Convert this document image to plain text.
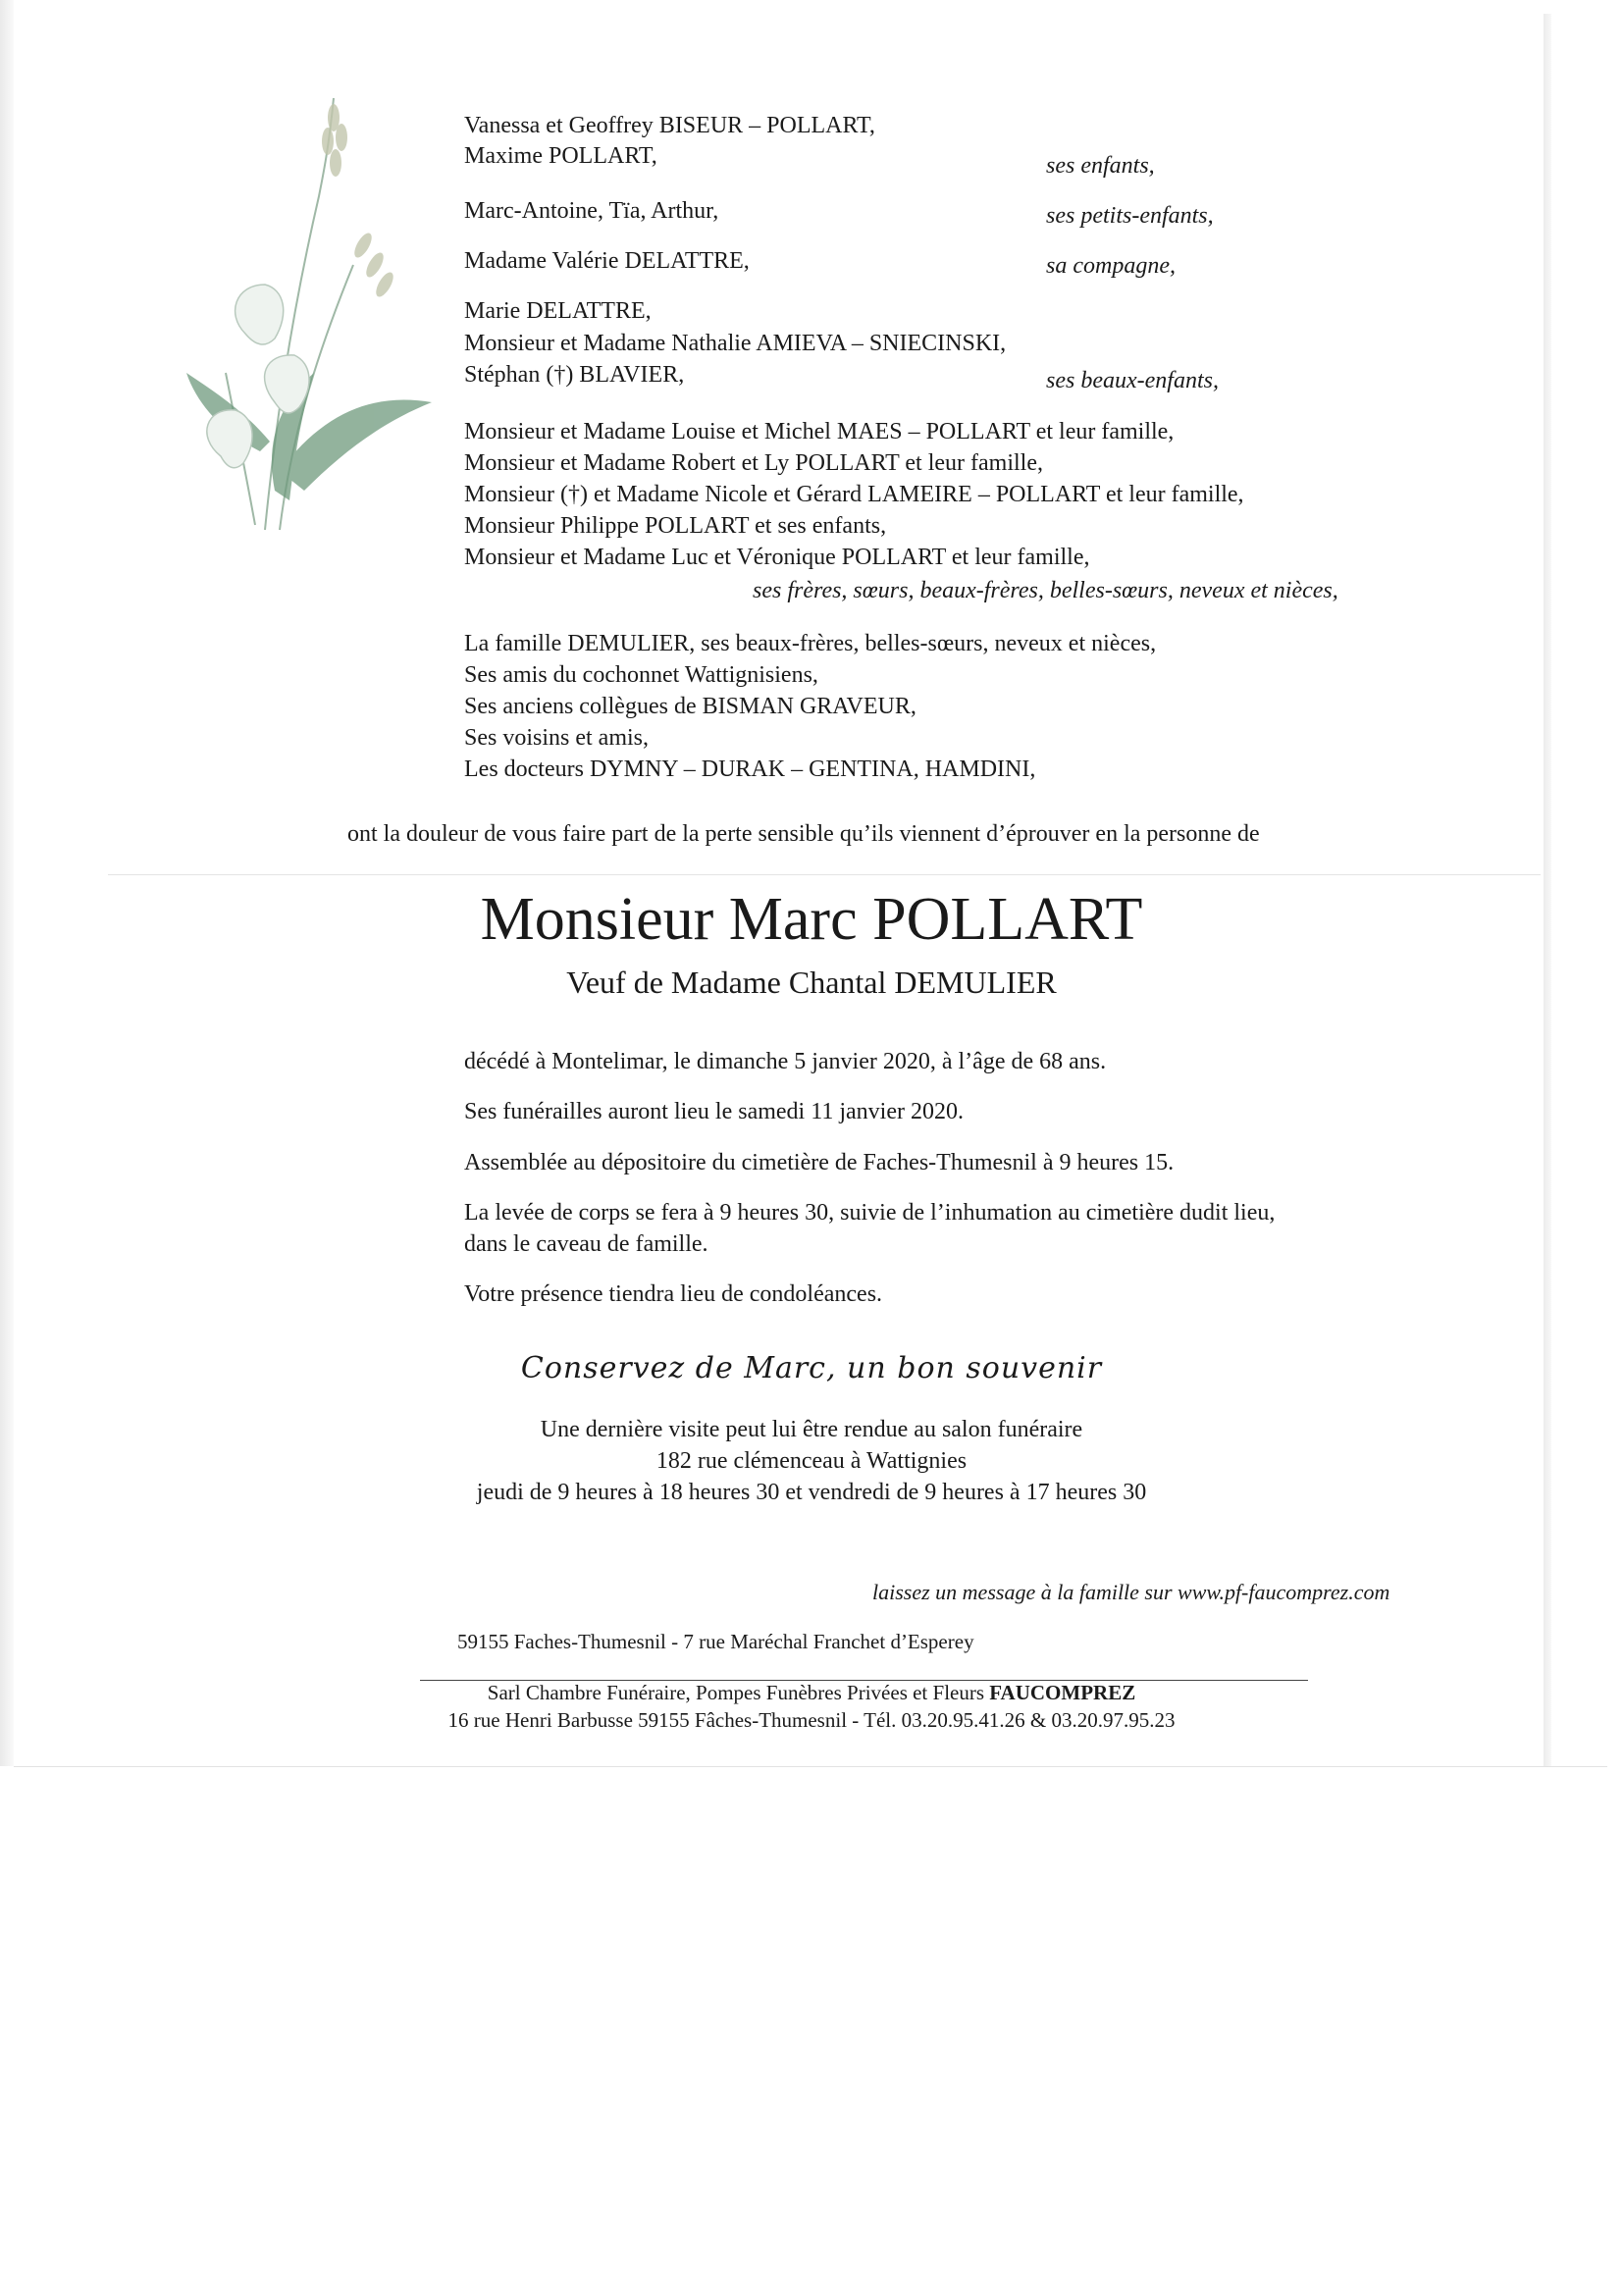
Vanessa et Geoffrey BISEUR – POLLART,
Maxime POLLART,	ses enfants,
Marc-Antoine, Tïa, Arthur,	ses petits-enfants,
Madame Valérie DELATTRE,	sa compagne,
Marie DELATTRE,
Monsieur et Madame Nathalie AMIEVA – SNIECINSKI,
Stéphan (†) BLAVIER,	ses beaux-enfants,
Monsieur et Madame Louise et Michel MAES – POLLART et leur famille,
Monsieur et Madame Robert et Ly POLLART et leur famille,
Monsieur (†) et Madame Nicole et Gérard LAMEIRE – POLLART et leur famille,
Monsieur Philippe POLLART et ses enfants,
Monsieur et Madame Luc et Véronique POLLART et leur famille,
ses frères, sœurs, beaux-frères, belles-sœurs, neveux et nièces,
La famille DEMULIER, ses beaux-frères, belles-sœurs, neveux et nièces,
Ses amis du cochonnet Wattignisiens,
Ses anciens collègues de BISMAN GRAVEUR,
Ses voisins et amis,
Les docteurs DYMNY – DURAK – GENTINA, HAMDINI,
ont la douleur de vous faire part de la perte sensible qu’ils viennent d’éprouver en la personne de
Monsieur Marc POLLART
Veuf de Madame Chantal DEMULIER
décédé à Montelimar, le dimanche 5 janvier 2020, à l’âge de 68 ans.
Ses funérailles auront lieu le samedi 11 janvier 2020.
Assemblée au dépositoire du cimetière de Faches-Thumesnil à 9 heures 15.
La levée de corps se fera à 9 heures 30, suivie de l’inhumation au cimetière dudit lieu,
dans le caveau de famille.
Votre présence tiendra lieu de condoléances.
Conservez de Marc, un bon souvenir
Une dernière visite peut lui être rendue au salon funéraire
182 rue clémenceau à Wattignies
jeudi de 9 heures à 18 heures 30 et vendredi de 9 heures à 17 heures 30
laissez un message à la famille sur www.pf-faucomprez.com
59155 Faches-Thumesnil - 7 rue Maréchal Franchet d’Esperey
Sarl Chambre Funéraire, Pompes Funèbres Privées et Fleurs FAUCOMPREZ
16 rue Henri Barbusse 59155 Fâches-Thumesnil - Tél. 03.20.95.41.26 & 03.20.97.95.23
